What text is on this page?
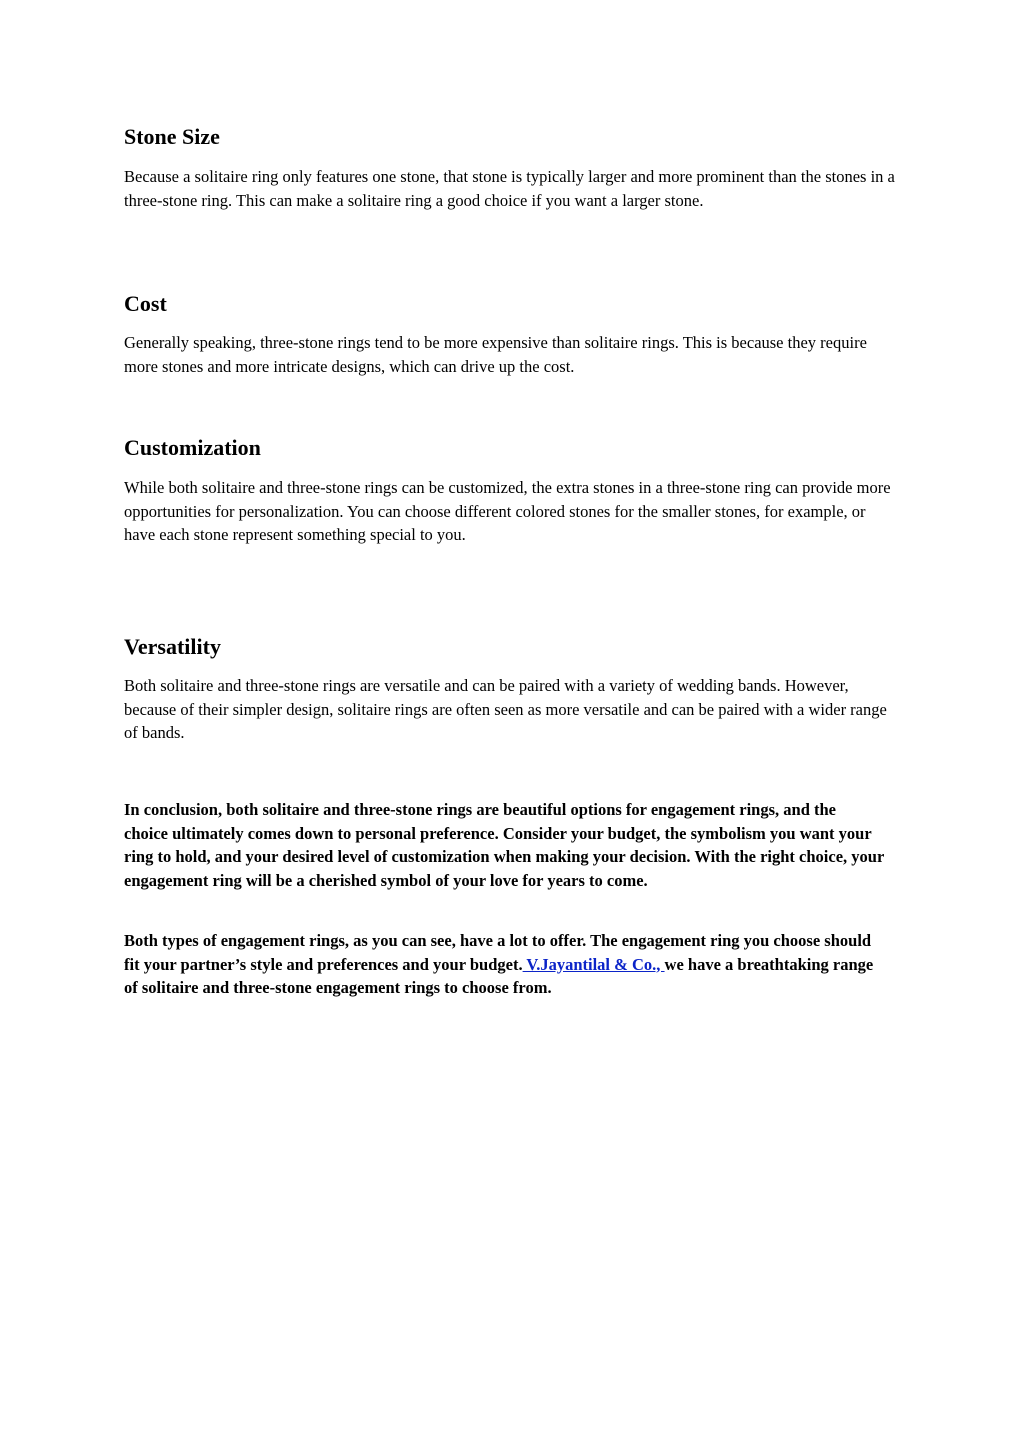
Stone Size

Because a solitaire ring only features one stone, that stone is typically larger and more prominent than the stones in a three-stone ring. This can make a solitaire ring a good choice if you want a larger stone.

Cost

Generally speaking, three-stone rings tend to be more expensive than solitaire rings. This is because they require more stones and more intricate designs, which can drive up the cost.

Customization

While both solitaire and three-stone rings can be customized, the extra stones in a three-stone ring can provide more opportunities for personalization. You can choose different colored stones for the smaller stones, for example, or have each stone represent something special to you.

Versatility

Both solitaire and three-stone rings are versatile and can be paired with a variety of wedding bands. However, because of their simpler design, solitaire rings are often seen as more versatile and can be paired with a wider range of bands.

In conclusion, both solitaire and three-stone rings are beautiful options for engagement rings, and the choice ultimately comes down to personal preference. Consider your budget, the symbolism you want your ring to hold, and your desired level of customization when making your decision. With the right choice, your engagement ring will be a cherished symbol of your love for years to come.

Both types of engagement rings, as you can see, have a lot to offer. The engagement ring you choose should fit your partner’s style and preferences and your budget. V.Jayantilal & Co., we have a breathtaking range of solitaire and three-stone engagement rings to choose from.
